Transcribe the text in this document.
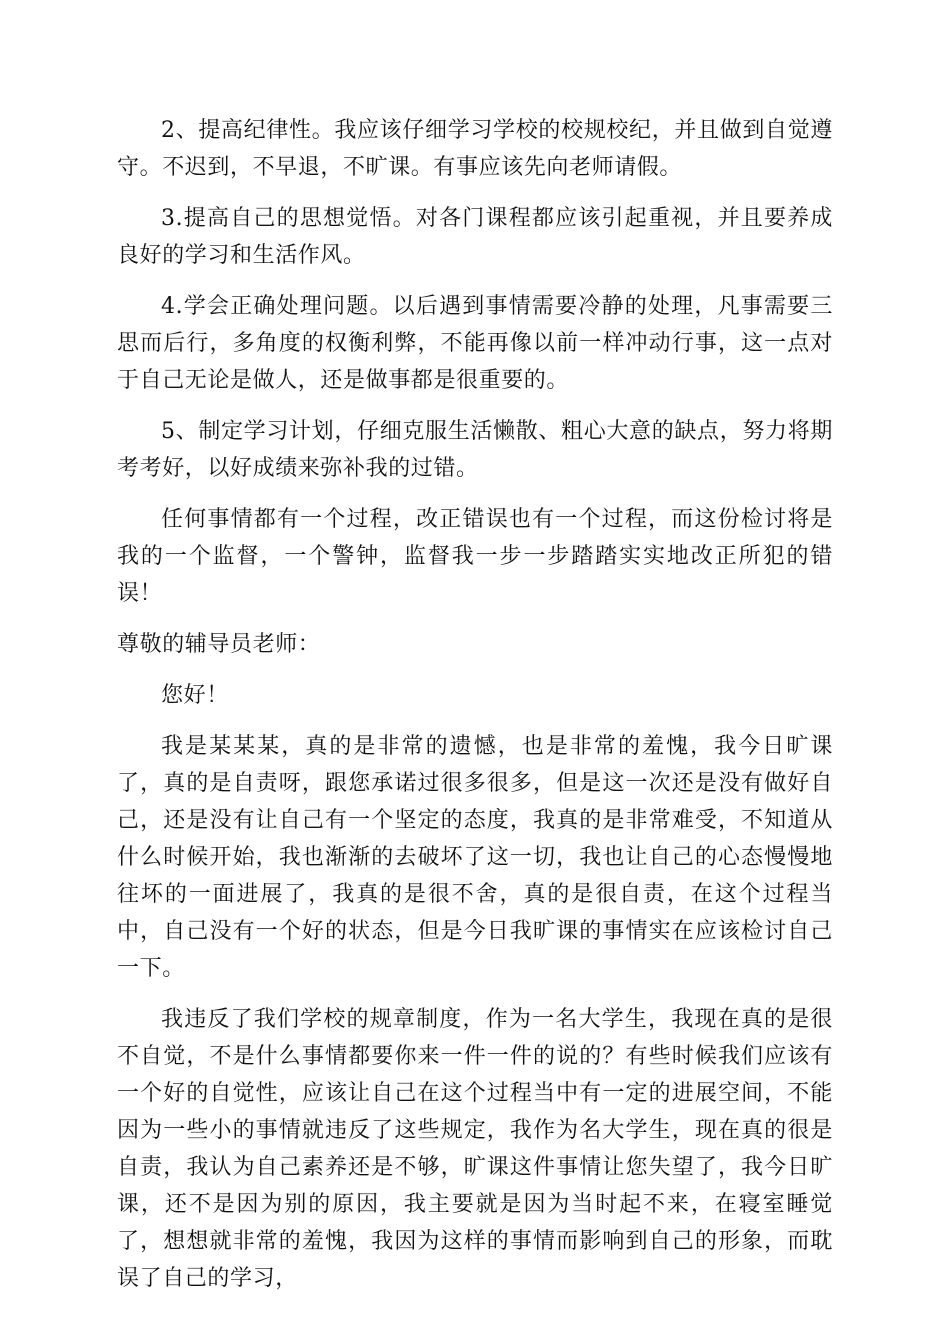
2、提高纪律性。我应该仔细学习学校的校规校纪，并且做到自觉遵守。不迟到，不早退，不旷课。有事应该先向老师请假。

3.提高自己的思想觉悟。对各门课程都应该引起重视，并且要养成良好的学习和生活作风。

4.学会正确处理问题。以后遇到事情需要冷静的处理，凡事需要三思而后行，多角度的权衡利弊，不能再像以前一样冲动行事，这一点对于自己无论是做人，还是做事都是很重要的。

5、制定学习计划，仔细克服生活懒散、粗心大意的缺点，努力将期考考好，以好成绩来弥补我的过错。

任何事情都有一个过程，改正错误也有一个过程，而这份检讨将是我的一个监督，一个警钟，监督我一步一步踏踏实实地改正所犯的错误！

尊敬的辅导员老师：

您好！

我是某某某，真的是非常的遗憾，也是非常的羞愧，我今日旷课了，真的是自责呀，跟您承诺过很多很多，但是这一次还是没有做好自己，还是没有让自己有一个坚定的态度，我真的是非常难受，不知道从什么时候开始，我也渐渐的去破坏了这一切，我也让自己的心态慢慢地往坏的一面进展了，我真的是很不舍，真的是很自责，在这个过程当中，自己没有一个好的状态，但是今日我旷课的事情实在应该检讨自己一下。

我违反了我们学校的规章制度，作为一名大学生，我现在真的是很不自觉，不是什么事情都要你来一件一件的说的？有些时候我们应该有一个好的自觉性，应该让自己在这个过程当中有一定的进展空间，不能因为一些小的事情就违反了这些规定，我作为名大学生，现在真的很是自责，我认为自己素养还是不够，旷课这件事情让您失望了，我今日旷课，还不是因为别的原因，我主要就是因为当时起不来，在寝室睡觉了，想想就非常的羞愧，我因为这样的事情而影响到自己的形象，而耽误了自己的学习，
